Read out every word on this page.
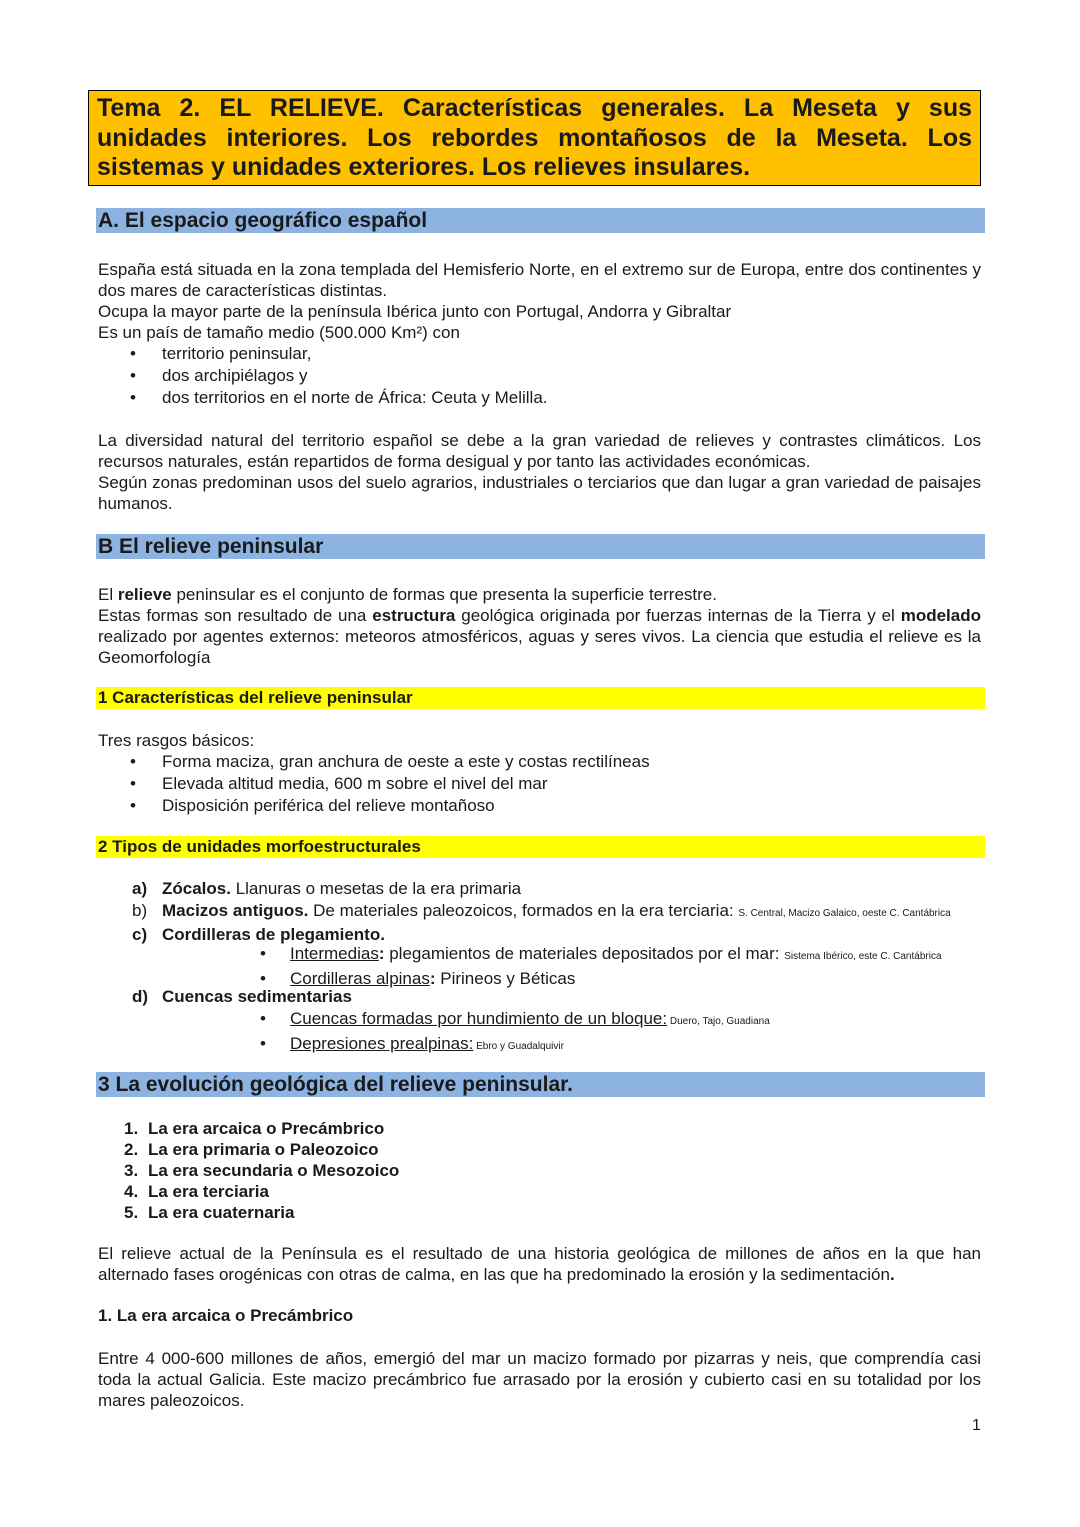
Tema 2. EL RELIEVE. Características generales. La Meseta y sus unidades interiores. Los rebordes montañosos de la Meseta. Los sistemas y unidades exteriores. Los relieves insulares.
A. El espacio geográfico español

España está situada en la zona templada del Hemisferio Norte, en el extremo sur de Europa, entre dos continentes y dos mares de características distintas.

Ocupa la mayor parte de la península Ibérica junto con Portugal, Andorra y Gibraltar

Es un país de tamaño medio (500.000 Km²) con

• territorio peninsular,
• dos archipiélagos y
• dos territorios en el norte de África: Ceuta y Melilla.

La diversidad natural del territorio español se debe a la gran variedad de relieves y contrastes climáticos. Los recursos naturales, están repartidos de forma desigual y por tanto las actividades económicas.

Según zonas predominan usos del suelo agrarios, industriales o terciarios que dan lugar a gran variedad de paisajes humanos.

B El relieve peninsular

El relieve peninsular es el conjunto de formas que presenta la superficie terrestre.

Estas formas son resultado de una estructura geológica originada por fuerzas internas de la Tierra y el modelado realizado por agentes externos: meteoros atmosféricos, aguas y seres vivos. La ciencia que estudia el relieve es la Geomorfología

1 Características del relieve peninsular
Tres rasgos básicos:
• Forma maciza, gran anchura de oeste a este y costas rectilíneas
• Elevada altitud media, 600 m sobre el nivel del mar
• Disposición periférica del relieve montañoso
2 Tipos de unidades morfoestructurales
a) Zócalos. Llanuras o mesetas de la era primaria
b) Macizos antiguos. De materiales paleozoicos, formados en la era terciaria: S. Central, Macizo Galaico, oeste C. Cantábrica
c) Cordilleras de plegamiento.
• Intermedias: plegamientos de materiales depositados por el mar: Sistema Ibérico, este C. Cantábrica
• Cordilleras alpinas: Pirineos y Béticas
d) Cuencas sedimentarias
• Cuencas formadas por hundimiento de un bloque: Duero, Tajo, Guadiana
• Depresiones prealpinas: Ebro y Guadalquivir
3 La evolución geológica del relieve peninsular.
1. La era arcaica o Precámbrico
2. La era primaria o Paleozoico
3. La era secundaria o Mesozoico
4. La era terciaria
5. La era cuaternaria

El relieve actual de la Península es el resultado de una historia geológica de millones de años en la que han alternado fases orogénicas con otras de calma, en las que ha predominado la erosión y la sedimentación.

1. La era arcaica o Precámbrico
Entre 4 000-600 millones de años, emergió del mar un macizo formado por pizarras y neis, que comprendía casi toda la actual Galicia. Este macizo precámbrico fue arrasado por la erosión y cubierto casi en su totalidad por los mares paleozoicos.
1
